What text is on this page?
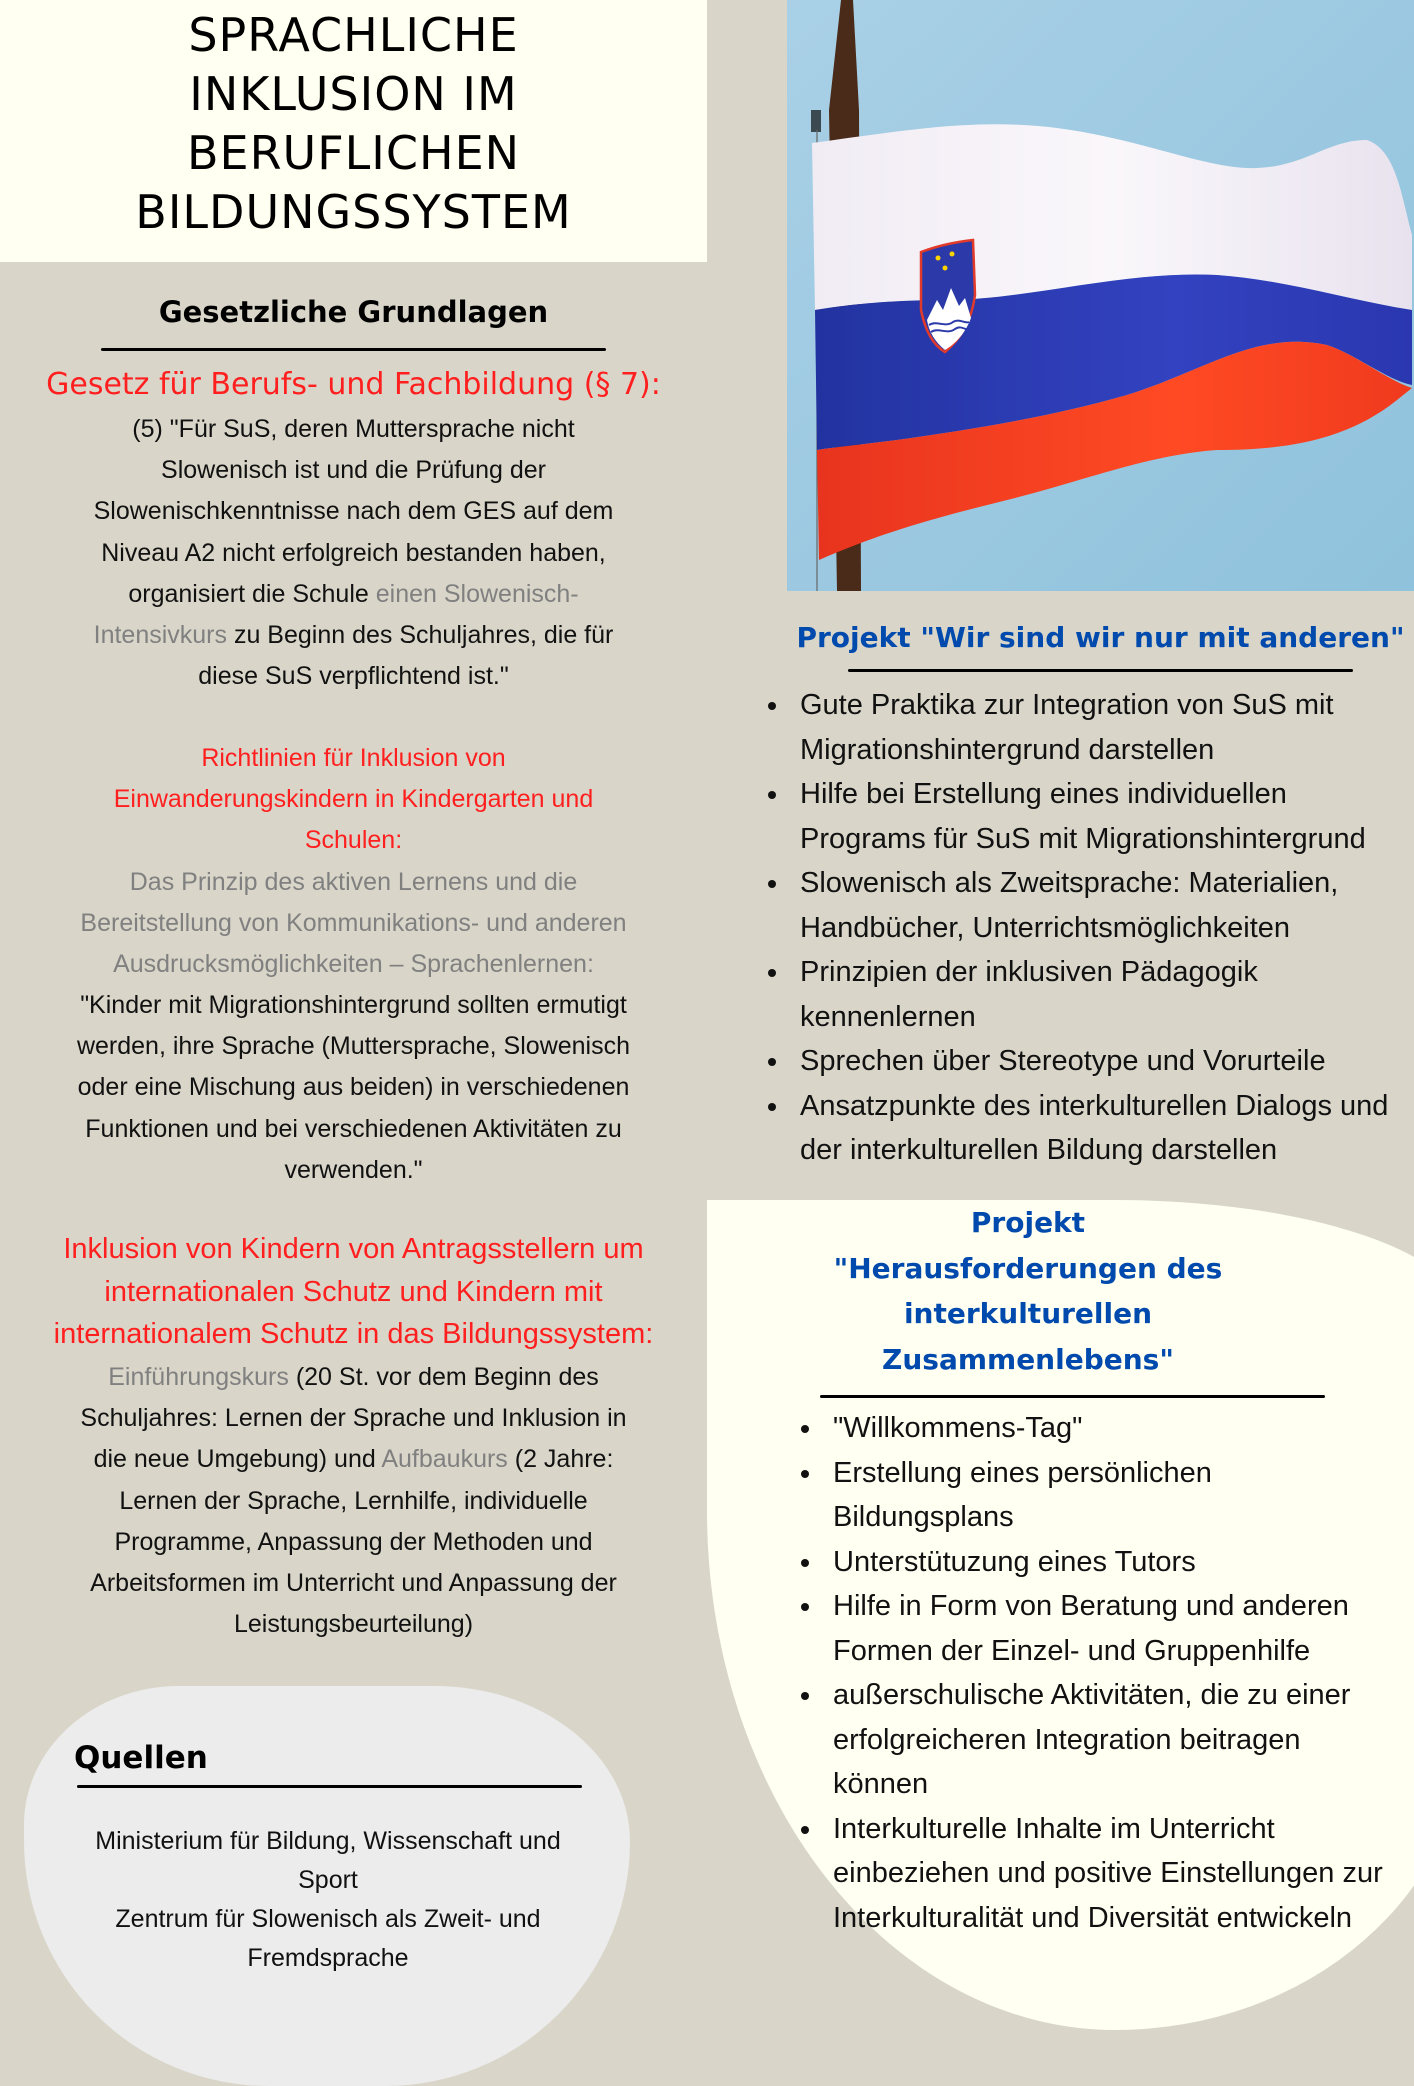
SPRACHLICHE
INKLUSION IM
BERUFLICHEN
BILDUNGSSYSTEM
Gesetzliche Grundlagen
Gesetz für Berufs- und Fachbildung (§ 7):
(5) "Für SuS, deren Muttersprache nicht
Slowenisch ist und die Prüfung der
Slowenischkenntnisse nach dem GES auf dem
Niveau A2 nicht erfolgreich bestanden haben,
organisiert die Schule einen Slowenisch-
Intensivkurs zu Beginn des Schuljahres, die für
diese SuS verpflichtend ist."
Richtlinien für Inklusion von
Einwanderungskindern in Kindergarten und
Schulen:
Das Prinzip des aktiven Lernens und die
Bereitstellung von Kommunikations- und anderen
Ausdrucksmöglichkeiten – Sprachenlernen:
"Kinder mit Migrationshintergrund sollten ermutigt
werden, ihre Sprache (Muttersprache, Slowenisch
oder eine Mischung aus beiden) in verschiedenen
Funktionen und bei verschiedenen Aktivitäten zu
verwenden."
Inklusion von Kindern von Antragsstellern um
internationalen Schutz und Kindern mit
internationalem Schutz in das Bildungssystem:
Einführungskurs (20 St. vor dem Beginn des
Schuljahres: Lernen der Sprache und Inklusion in
die neue Umgebung) und Aufbaukurs (2 Jahre:
Lernen der Sprache, Lernhilfe, individuelle
Programme, Anpassung der Methoden und
Arbeitsformen im Unterricht und Anpassung der
Leistungsbeurteilung)
Quellen
Ministerium für Bildung, Wissenschaft und
Sport
Zentrum für Slowenisch als Zweit- und
Fremdsprache
Projekt "Wir sind wir nur mit anderen"
Gute Praktika zur Integration von SuS mit
Migrationshintergrund darstellen
Hilfe bei Erstellung eines individuellen
Programs für SuS mit Migrationshintergrund
Slowenisch als Zweitsprache: Materialien,
Handbücher, Unterrichtsmöglichkeiten
Prinzipien der inklusiven Pädagogik
kennenlernen
Sprechen über Stereotype und Vorurteile
Ansatzpunkte des interkulturellen Dialogs und
der interkulturellen Bildung darstellen
Projekt
"Herausforderungen des
interkulturellen
Zusammenlebens"
"Willkommens-Tag"
Erstellung eines persönlichen
Bildungsplans
Unterstütuzung eines Tutors
Hilfe in Form von Beratung und anderen
Formen der Einzel- und Gruppenhilfe
außerschulische Aktivitäten, die zu einer
erfolgreicheren Integration beitragen
können
Interkulturelle Inhalte im Unterricht
einbeziehen und positive Einstellungen zur
Interkulturalität und Diversität entwickeln
